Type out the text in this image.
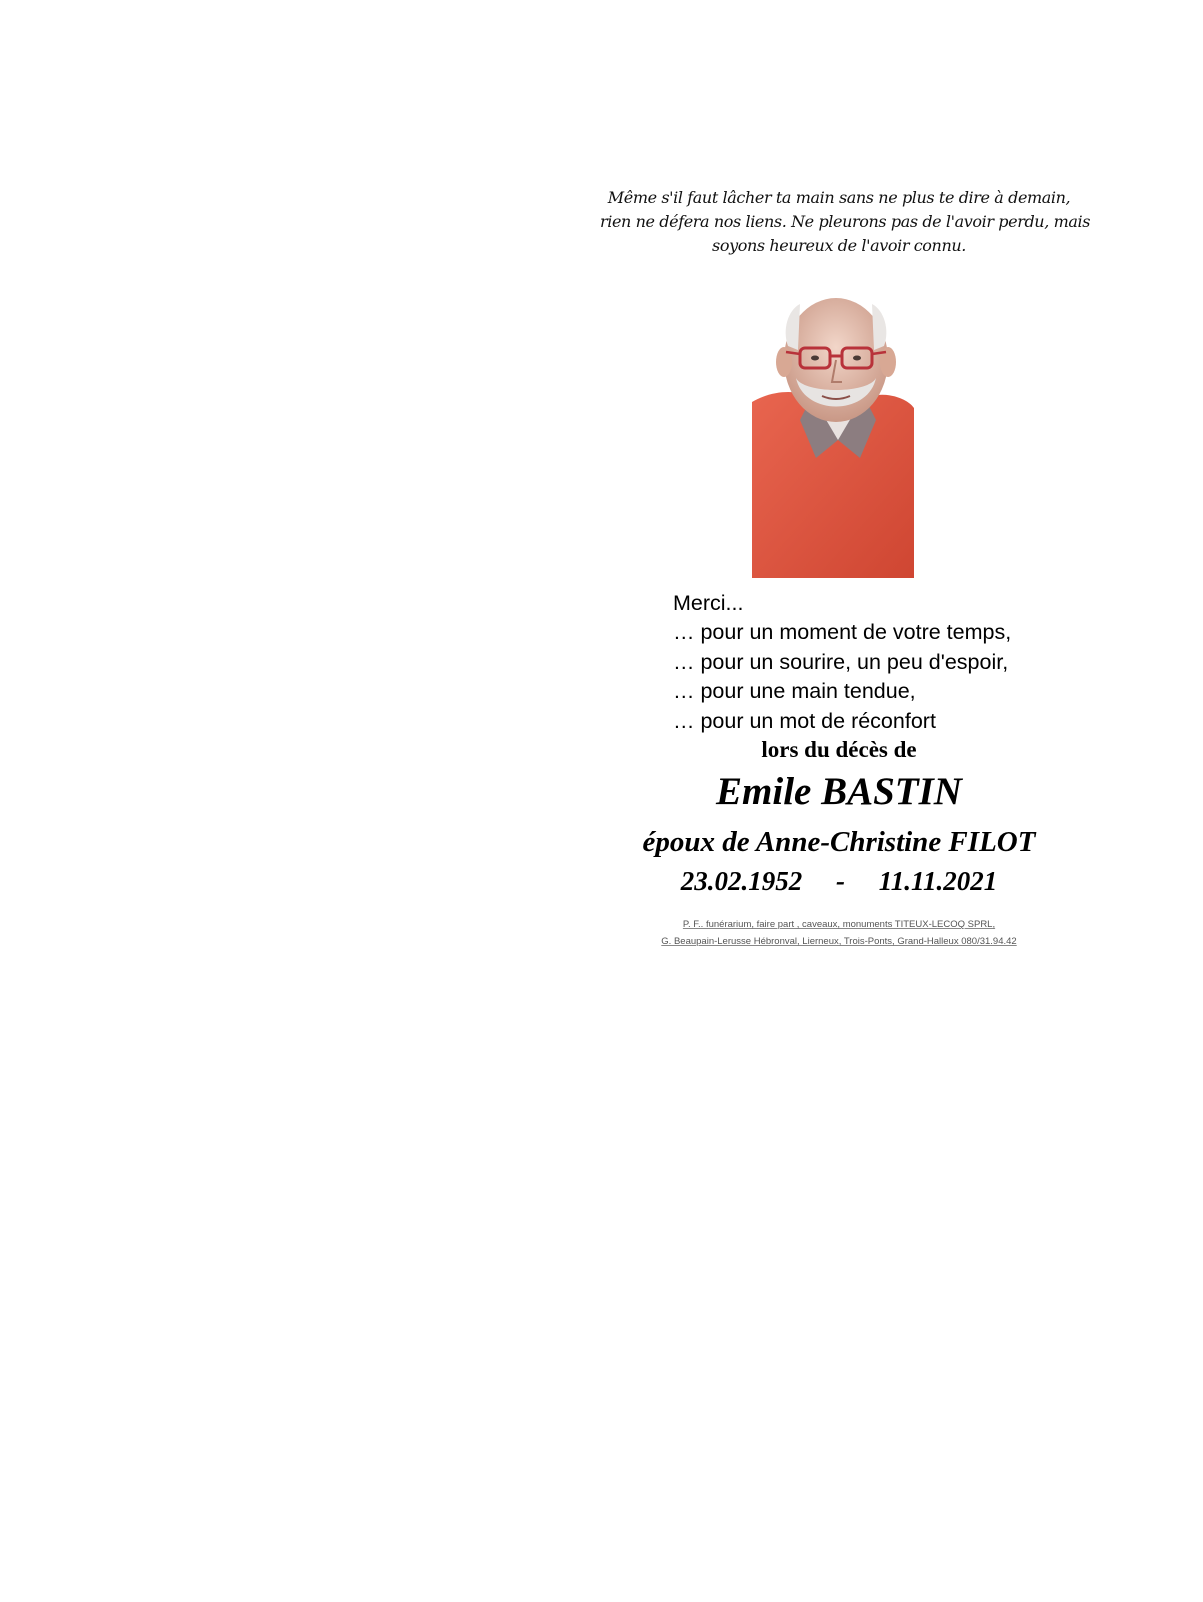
Même s'il faut lâcher ta main sans ne plus te dire à demain,
rien ne défera nos liens. Ne pleurons pas de l'avoir perdu, mais
soyons heureux de l'avoir connu.
Merci...
… pour un moment de votre temps,
… pour un sourire, un peu d'espoir,
… pour une main tendue,
… pour un mot de réconfort
lors du décès de
Emile BASTIN
époux de Anne-Christine FILOT
23.02.1952     -     11.11.2021
P. F.. funérarium, faire part , caveaux, monuments TITEUX-LECOQ SPRL,
G. Beaupain-Lerusse Hébronval, Lierneux, Trois-Ponts, Grand-Halleux 080/31.94.42
